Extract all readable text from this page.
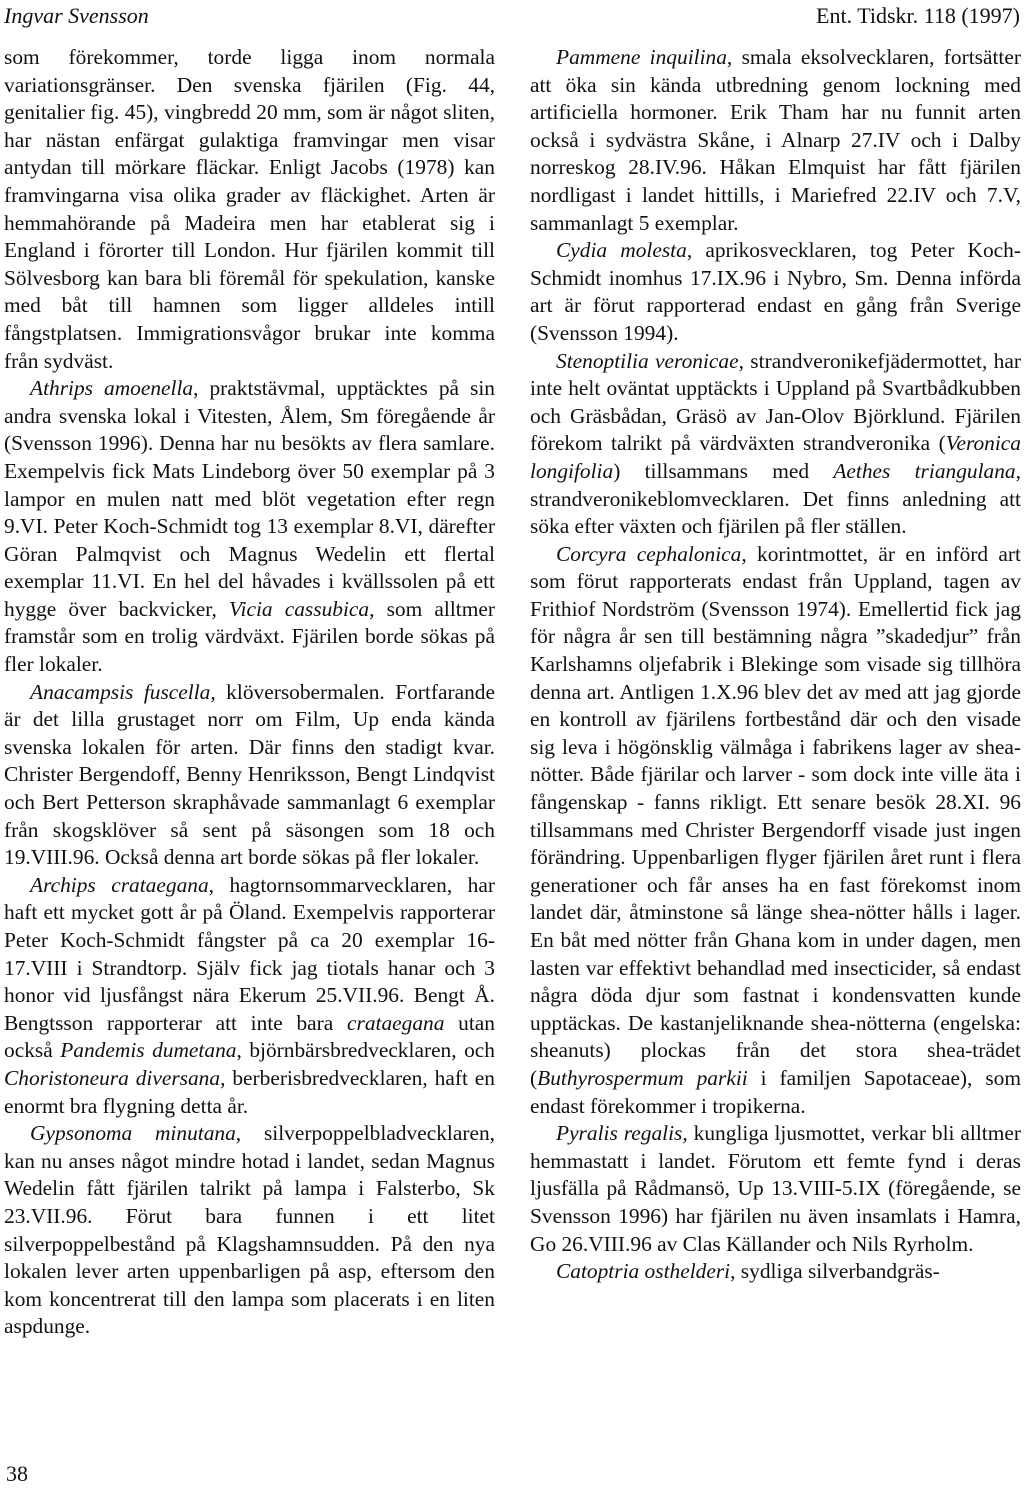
Ingvar Svensson	Ent. Tidskr. 118 (1997)

som förekommer, torde ligga inom normala variationsgränser. Den svenska fjärilen (Fig. 44, genitalier fig. 45), vingbredd 20 mm, som är något sliten, har nästan enfärgat gulaktiga framvingar men visar antydan till mörkare fläckar. Enligt Jacobs (1978) kan framvingarna visa olika grader av fläckighet. Arten är hemmahörande på Madeira men har etablerat sig i England i förorter till London. Hur fjärilen kommit till Sölvesborg kan bara bli föremål för spekulation, kanske med båt till hamnen som ligger alldeles intill fångstplatsen. Immigrationsvågor brukar inte komma från sydväst.

Athrips amoenella, praktstävmal, upptäcktes på sin andra svenska lokal i Vitesten, Ålem, Sm föregående år (Svensson 1996). Denna har nu besökts av flera samlare. Exempelvis fick Mats Lindeborg över 50 exemplar på 3 lampor en mulen natt med blöt vegetation efter regn 9.VI. Peter Koch-Schmidt tog 13 exemplar 8.VI, därefter Göran Palmqvist och Magnus Wedelin ett flertal exemplar 11.VI. En hel del håvades i kvällssolen på ett hygge över backvicker, Vicia cassubica, som alltmer framstår som en trolig värdväxt. Fjärilen borde sökas på fler lokaler.

Anacampsis fuscella, klöversobermalen. Fortfarande är det lilla grustaget norr om Film, Up enda kända svenska lokalen för arten. Där finns den stadigt kvar. Christer Bergendoff, Benny Henriksson, Bengt Lindqvist och Bert Petterson skraphåvade sammanlagt 6 exemplar från skogsklöver så sent på säsongen som 18 och 19.VIII.96. Också denna art borde sökas på fler lokaler.

Archips crataegana, hagtornsommarvecklaren, har haft ett mycket gott år på Öland. Exempelvis rapporterar Peter Koch-Schmidt fångster på ca 20 exemplar 16-17.VIII i Strandtorp. Själv fick jag tiotals hanar och 3 honor vid ljusfångst nära Ekerum 25.VII.96. Bengt Å. Bengtsson rapporterar att inte bara crataegana utan också Pandemis dumetana, björnbärsbredvecklaren, och Choristoneura diversana, berberisbredvecklaren, haft en enormt bra flygning detta år.

Gypsonoma minutana, silverpoppelbladvecklaren, kan nu anses något mindre hotad i landet, sedan Magnus Wedelin fått fjärilen talrikt på lampa i Falsterbo, Sk 23.VII.96. Förut bara funnen i ett litet silverpoppelbestånd på Klagshamnsudden. På den nya lokalen lever arten uppenbarligen på asp, eftersom den kom koncentrerat till den lampa som placerats i en liten aspdunge.

Pammene inquilina, smala eksolvecklaren, fortsätter att öka sin kända utbredning genom lockning med artificiella hormoner. Erik Tham har nu funnit arten också i sydvästra Skåne, i Alnarp 27.IV och i Dalby norreskog 28.IV.96. Håkan Elmquist har fått fjärilen nordligast i landet hittills, i Mariefred 22.IV och 7.V, sammanlagt 5 exemplar.

Cydia molesta, aprikosvecklaren, tog Peter Koch-Schmidt inomhus 17.IX.96 i Nybro, Sm. Denna införda art är förut rapporterad endast en gång från Sverige (Svensson 1994).

Stenoptilia veronicae, strandveronikefjädermottet, har inte helt oväntat upptäckts i Uppland på Svartbådkubben och Gräsbådan, Gräsö av Jan-Olov Björklund. Fjärilen förekom talrikt på värdväxten strandveronika (Veronica longifolia) tillsammans med Aethes triangulana, strandveronikeblomvecklaren. Det finns anledning att söka efter växten och fjärilen på fler ställen.

Corcyra cephalonica, korintmottet, är en införd art som förut rapporterats endast från Uppland, tagen av Frithiof Nordström (Svensson 1974). Emellertid fick jag för några år sen till bestämning några ”skadedjur” från Karlshamns oljefabrik i Blekinge som visade sig tillhöra denna art. Antligen 1.X.96 blev det av med att jag gjorde en kontroll av fjärilens fortbestånd där och den visade sig leva i högönsklig välmåga i fabrikens lager av shea-nötter. Både fjärilar och larver - som dock inte ville äta i fångenskap - fanns rikligt. Ett senare besök 28.XI. 96 tillsammans med Christer Bergendorff visade just ingen förändring. Uppenbarligen flyger fjärilen året runt i flera generationer och får anses ha en fast förekomst inom landet där, åtminstone så länge shea-nötter hålls i lager. En båt med nötter från Ghana kom in under dagen, men lasten var effektivt behandlad med insecticider, så endast några döda djur som fastnat i kondensvatten kunde upptäckas. De kastanjeliknande shea-nötterna (engelska: sheanuts) plockas från det stora shea-trädet (Buthyrospermum parkii i familjen Sapotaceae), som endast förekommer i tropikerna.

Pyralis regalis, kungliga ljusmottet, verkar bli alltmer hemmastatt i landet. Förutom ett femte fynd i deras ljusfälla på Rådmansö, Up 13.VIII-5.IX (föregående, se Svensson 1996) har fjärilen nu även insamlats i Hamra, Go 26.VIII.96 av Clas Källander och Nils Ryrholm.

Catoptria osthelderi, sydliga silverbandgräs-

38
